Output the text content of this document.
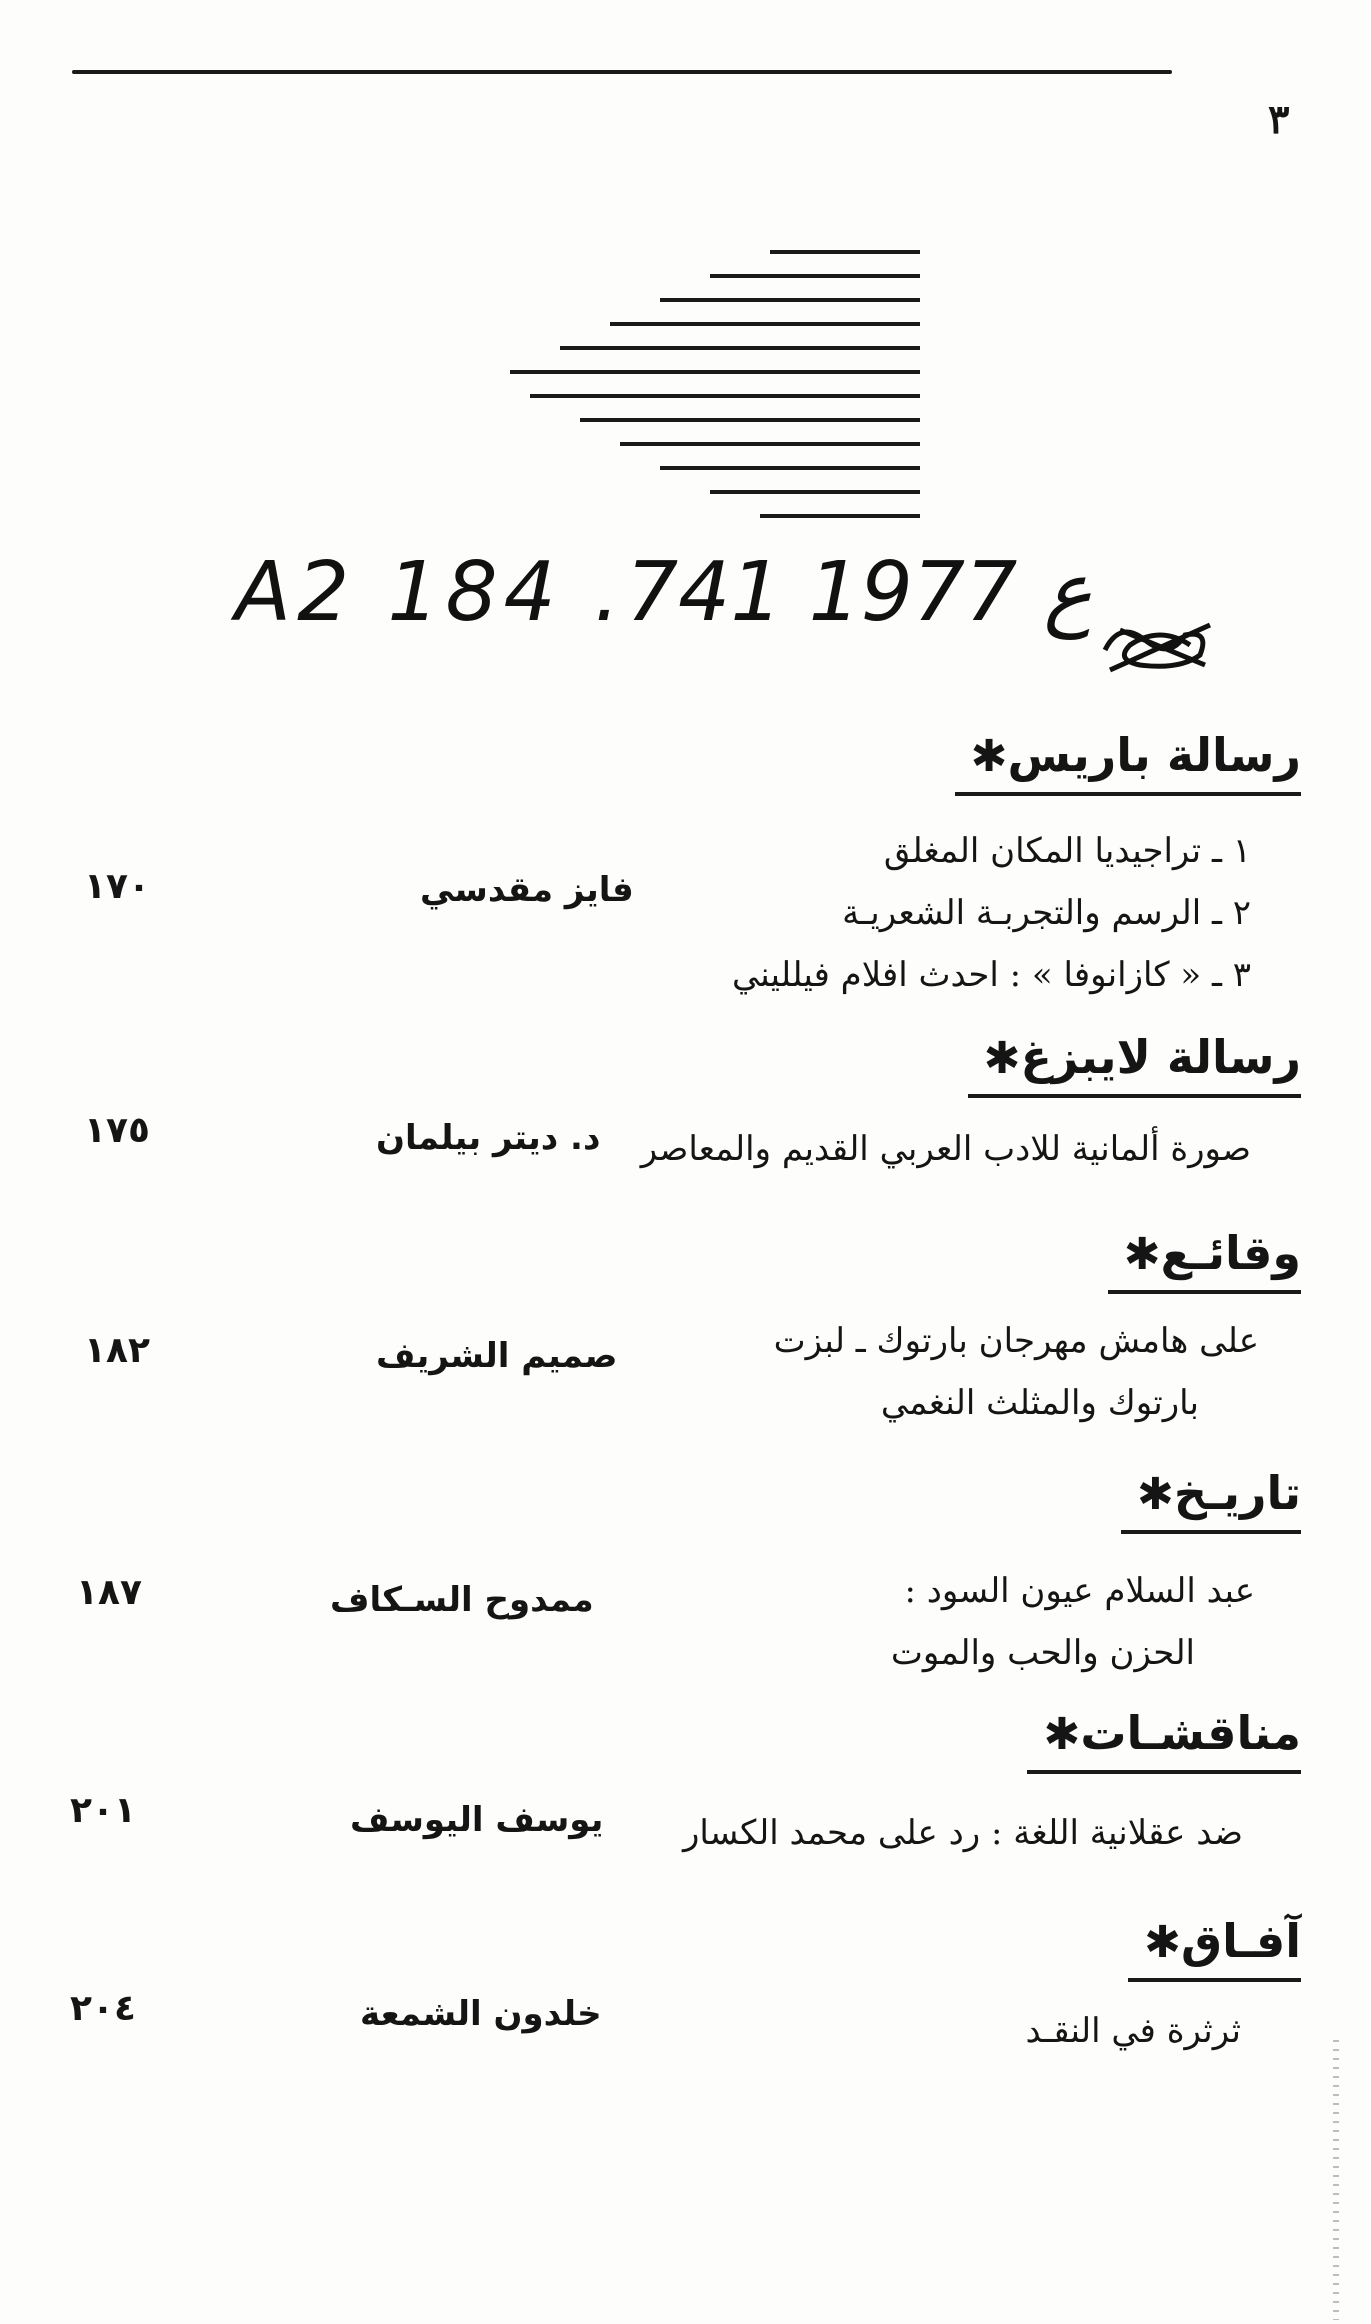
٣
A2 184 .ع 1977 741
رسالة باريس✱
١ ـ تراجيديا المكان المغلق
٢ ـ الرسم والتجربـة الشعريـة
٣ ـ « كازانوفا » : احدث افلام فيلليني
فايز مقدسي
١٧٠
رسالة لايبزغ✱
صورة ألمانية للادب العربي القديم والمعاصر
د. ديتر بيلمان
١٧٥
وقائـع✱
على هامش مهرجان بارتوك ـ لبزت
بارتوك والمثلث النغمي
صميم الشريف
١٨٢
تاريـخ✱
عبد السلام عيون السود :
الحزن والحب والموت
ممدوح السـكاف
١٨٧
مناقشـات✱
ضد عقلانية اللغة : رد على محمد الكسار
يوسف اليوسف
٢٠١
آفـاق✱
ثرثرة في النقـد
خلدون الشمعة
٢٠٤
